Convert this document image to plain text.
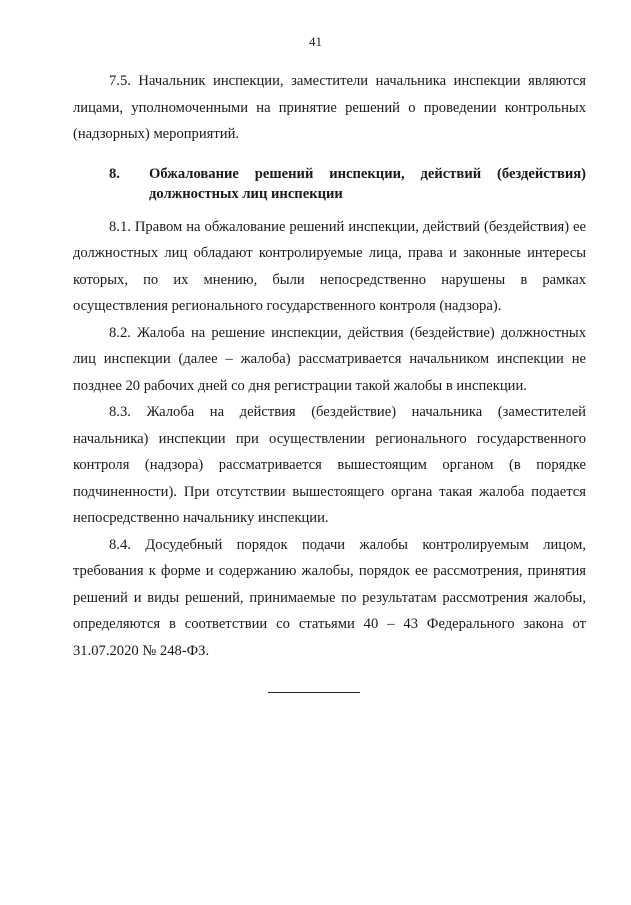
41

7.5. Начальник инспекции, заместители начальника инспекции являются лицами, уполномоченными на принятие решений о проведении контрольных (надзорных) мероприятий.

8.	Обжалование решений инспекции, действий (бездействия) должностных лиц инспекции

8.1. Правом на обжалование решений инспекции, действий (бездействия) ее должностных лиц обладают контролируемые лица, права и законные интересы которых, по их мнению, были непосредственно нарушены в рамках осуществления регионального государственного контроля (надзора).

8.2. Жалоба на решение инспекции, действия (бездействие) должностных лиц инспекции (далее – жалоба) рассматривается начальником инспекции не позднее 20 рабочих дней со дня регистрации такой жалобы в инспекции.

8.3. Жалоба на действия (бездействие) начальника (заместителей начальника) инспекции при осуществлении регионального государственного контроля (надзора) рассматривается вышестоящим органом (в порядке подчиненности). При отсутствии вышестоящего органа такая жалоба подается непосредственно начальнику инспекции.

8.4. Досудебный порядок подачи жалобы контролируемым лицом, требования к форме и содержанию жалобы, порядок ее рассмотрения, принятия решений и виды решений, принимаемые по результатам рассмотрения жалобы, определяются в соответствии со статьями 40 – 43 Федерального закона от 31.07.2020 № 248-ФЗ.
